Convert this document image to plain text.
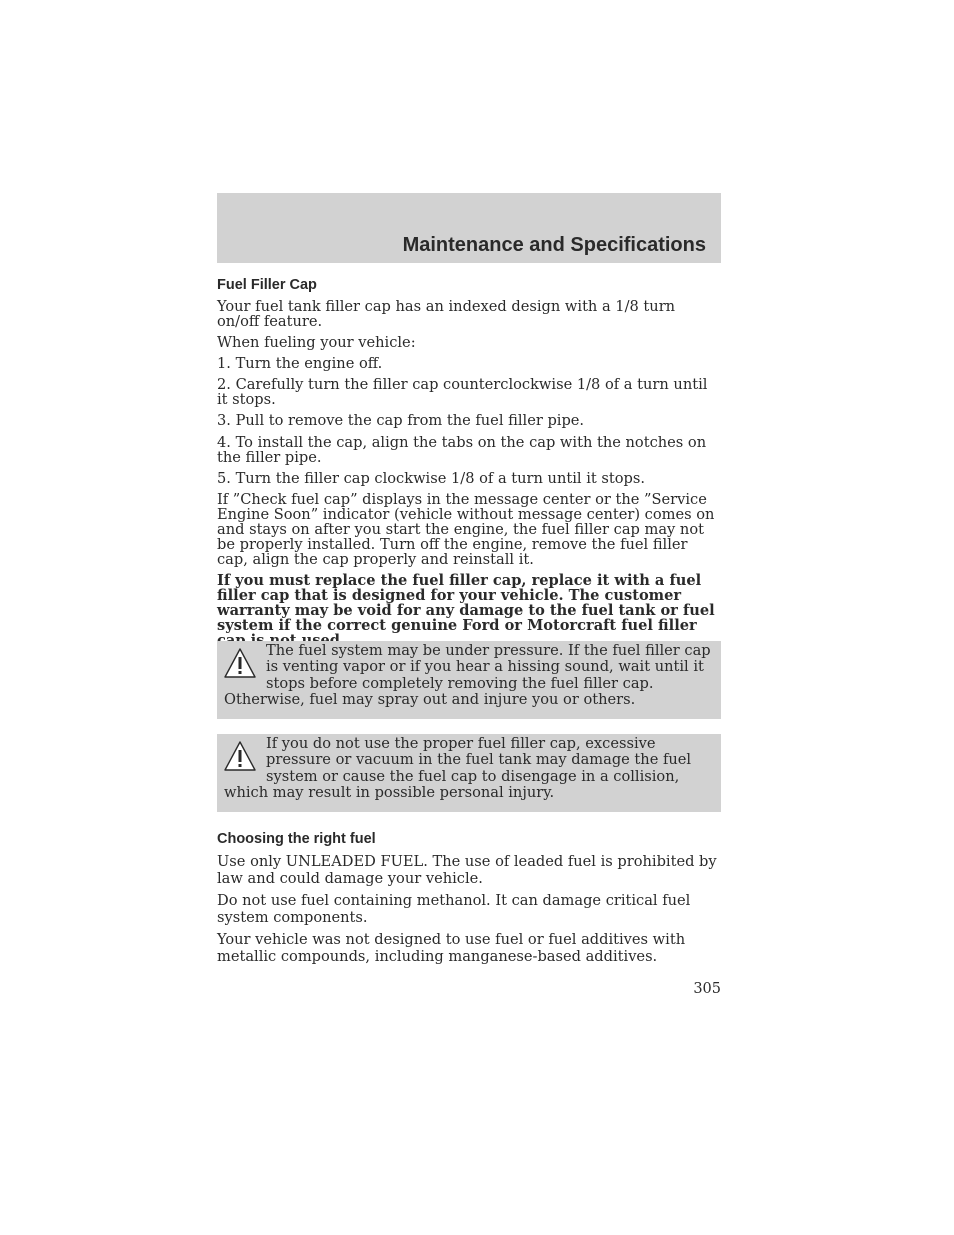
Maintenance and Specifications
Fuel Filler Cap

Your fuel tank filler cap has an indexed design with a 1/8 turn on/off feature.

When fueling your vehicle:

1. Turn the engine off.

2. Carefully turn the filler cap counterclockwise 1/8 of a turn until it stops.

3. Pull to remove the cap from the fuel filler pipe.

4. To install the cap, align the tabs on the cap with the notches on the filler pipe.

5. Turn the filler cap clockwise 1/8 of a turn until it stops.

If ”Check fuel cap” displays in the message center or the ”Service Engine Soon” indicator (vehicle without message center) comes on and stays on after you start the engine, the fuel filler cap may not be properly installed. Turn off the engine, remove the fuel filler cap, align the cap properly and reinstall it.

If you must replace the fuel filler cap, replace it with a fuel filler cap that is designed for your vehicle. The customer warranty may be void for any damage to the fuel tank or fuel system if the correct genuine Ford or Motorcraft fuel filler

The fuel system may be under pressure. If the fuel filler cap is venting vapor or if you hear a hissing sound, wait until it stops before completely removing the fuel filler cap. Otherwise, fuel may spray out and injure you or others.
If you do not use the proper fuel filler cap, excessive pressure or vacuum in the fuel tank may damage the fuel system or cause the fuel cap to disengage in a collision, which may result in possible personal injury.
Choosing the right fuel

Use only UNLEADED FUEL. The use of leaded fuel is prohibited by law and could damage your vehicle.

Do not use fuel containing methanol. It can damage critical fuel system components.

Your vehicle was not designed to use fuel or fuel additives with metallic compounds, including manganese-based additives.

305
